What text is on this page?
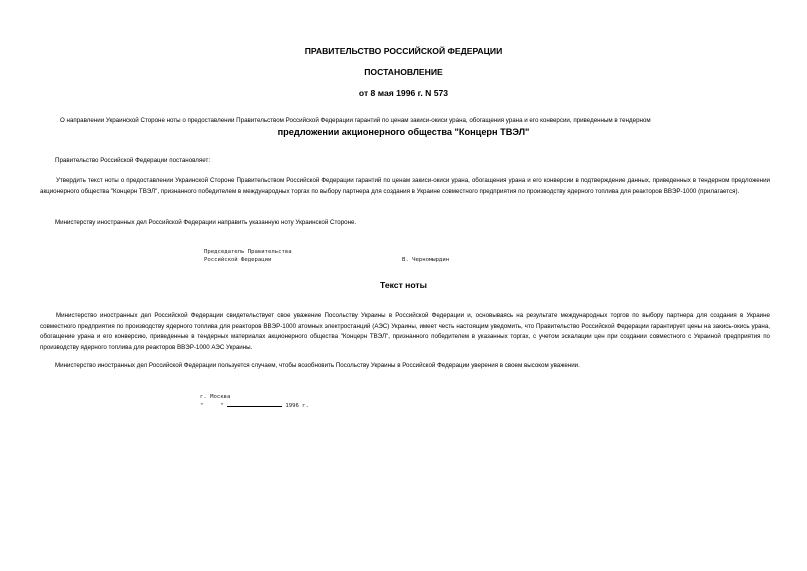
ПРАВИТЕЛЬСТВО РОССИЙСКОЙ ФЕДЕРАЦИИ
ПОСТАНОВЛЕНИЕ
от 8 мая 1996 г. N 573
О направлении Украинской Стороне ноты о предоставлении Правительством Российской Федерации гарантий по ценам закиси-окиси урана, обогащения урана и его конверсии, приведенным в тендерном
предложении акционерного общества "Концерн ТВЭЛ"
Правительство Российской Федерации постановляет:
Утвердить текст ноты о предоставлении Украинской Стороне Правительством Российской Федерации гарантий по ценам закиси-окиси урана, обогащения урана и его конверсии в подтверждение данных, приведенных в тендерном предложении акционерного общества "Концерн ТВЭЛ", признанного победителем в международных торгах по выбору партнера для создания в Украине совместного предприятия по производству ядерного топлива для реакторов ВВЭР-1000 (прилагается).
Министерству иностранных дел Российской Федерации направить указанную ноту Украинской Стороне.
Председатель Правительства
Российской Федерации	В. Черномырдин
Текст ноты
Министерство иностранных дел Российской Федерации свидетельствует свое уважение Посольству Украины в Российской Федерации и, основываясь на результате международных торгов по выбору партнера для создания в Украине совместного предприятия по производству ядерного топлива для реакторов ВВЭР-1000 атомных электростанций (АЭС) Украины, имеет честь настоящим уведомить, что Правительство Российской Федерации гарантирует цены на закись-окись урана, обогащение урана и его конверсию, приведенные в тендерных материалах акционерного общества "Концерн ТВЭЛ", признанного победителем в указанных торгах, с учетом эскалации цен при создании совместного с Украиной предприятия по производству ядерного топлива для реакторов ВВЭР-1000 АЭС Украины.
Министерство иностранных дел Российской Федерации пользуется случаем, чтобы возобновить Посольству Украины в Российской Федерации уверения в своем высоком уважении.
г. Москва
"	"	1996 г.
